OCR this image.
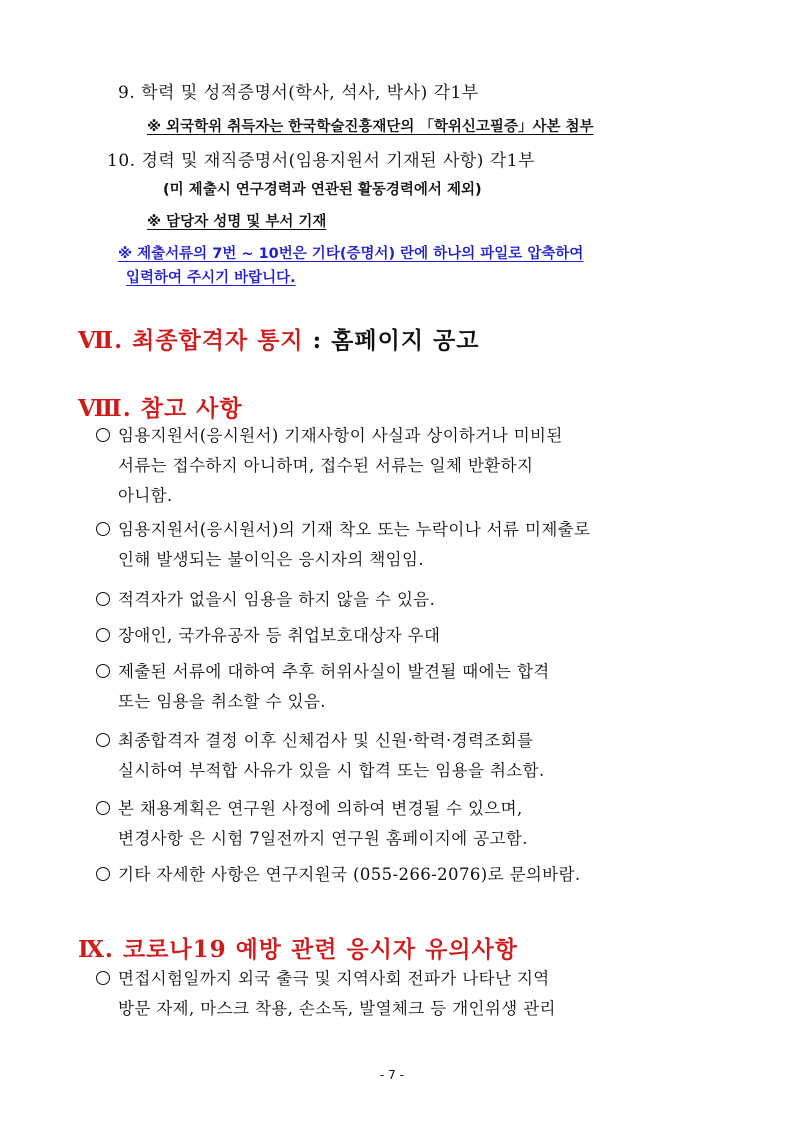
9. 학력 및 성적증명서(학사, 석사, 박사) 각1부
※ 외국학위 취득자는 한국학술진흥재단의 「학위신고필증」사본 첨부
10. 경력 및 재직증명서(임용지원서 기재된 사항) 각1부
(미 제출시 연구경력과 연관된 활동경력에서 제외)
※ 담당자 성명 및 부서 기재
※ 제출서류의 7번 ~ 10번은 기타(증명서) 란에 하나의 파일로 압축하여
입력하여 주시기 바랍니다.
Ⅶ. 최종합격자 통지 : 홈페이지 공고
Ⅷ. 참고 사항
임용지원서(응시원서) 기재사항이 사실과 상이하거나 미비된
서류는 접수하지 아니하며, 접수된 서류는 일체 반환하지
아니함.
임용지원서(응시원서)의 기재 착오 또는 누락이나 서류 미제출로
인해 발생되는 불이익은 응시자의 책임임.
적격자가 없을시 임용을 하지 않을 수 있음.
장애인, 국가유공자 등 취업보호대상자 우대
제출된 서류에 대하여 추후 허위사실이 발견될 때에는 합격
또는 임용을 취소할 수 있음.
최종합격자 결정 이후 신체검사 및 신원·학력·경력조회를
실시하여 부적합 사유가 있을 시 합격 또는 임용을 취소함.
본 채용계획은 연구원 사정에 의하여 변경될 수 있으며,
변경사항 은 시험 7일전까지 연구원 홈페이지에 공고함.
기타 자세한 사항은 연구지원국 (055-266-2076)로 문의바람.
Ⅸ. 코로나19 예방 관련 응시자 유의사항
면접시험일까지 외국 출극 및 지역사회 전파가 나타난 지역
방문 자제, 마스크 착용, 손소독, 발열체크 등 개인위생 관리
- 7 -
